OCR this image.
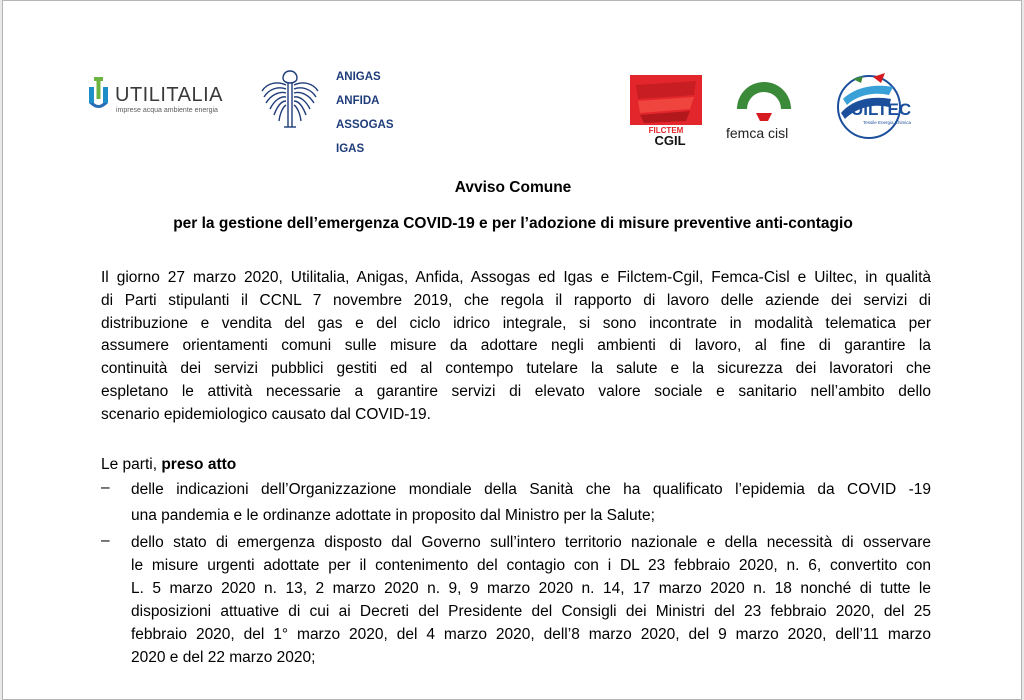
UTILITALIA
imprese acqua ambiente energia
ANIGAS
ANFIDA
ASSOGAS
IGAS
FILCTEM
CGIL	femca cisl
UILTEC
Tessile Energia Chimica
Avviso Comune
per la gestione dell’emergenza COVID-19 e per l’adozione di misure preventive anti-contagio
Il giorno 27 marzo 2020, Utilitalia, Anigas, Anfida, Assogas ed Igas e Filctem-Cgil, Femca-Cisl e Uiltec, in qualità
di Parti stipulanti il CCNL 7 novembre 2019, che regola il rapporto di lavoro delle aziende dei servizi di
distribuzione e vendita del gas e del ciclo idrico integrale, si sono incontrate in modalità telematica per
assumere orientamenti comuni sulle misure da adottare negli ambienti di lavoro, al fine di garantire la
continuità dei servizi pubblici gestiti ed al contempo tutelare la salute e la sicurezza dei lavoratori che
espletano le attività necessarie a garantire servizi di elevato valore sociale e sanitario nell’ambito dello
scenario epidemiologico causato dal COVID-19.
Le parti, preso atto
– delle indicazioni dell’Organizzazione mondiale della Sanità che ha qualificato l’epidemia da COVID -19
una pandemia e le ordinanze adottate in proposito dal Ministro per la Salute;
– dello stato di emergenza disposto dal Governo sull’intero territorio nazionale e della necessità di osservare
le misure urgenti adottate per il contenimento del contagio con i DL 23 febbraio 2020, n. 6, convertito con
L. 5 marzo 2020 n. 13, 2 marzo 2020 n. 9, 9 marzo 2020 n. 14, 17 marzo 2020 n. 18 nonché di tutte le
disposizioni attuative di cui ai Decreti del Presidente del Consigli dei Ministri del 23 febbraio 2020, del 25
febbraio 2020, del 1° marzo 2020, del 4 marzo 2020, dell’8 marzo 2020, del 9 marzo 2020, dell’11 marzo
2020 e del 22 marzo 2020;
